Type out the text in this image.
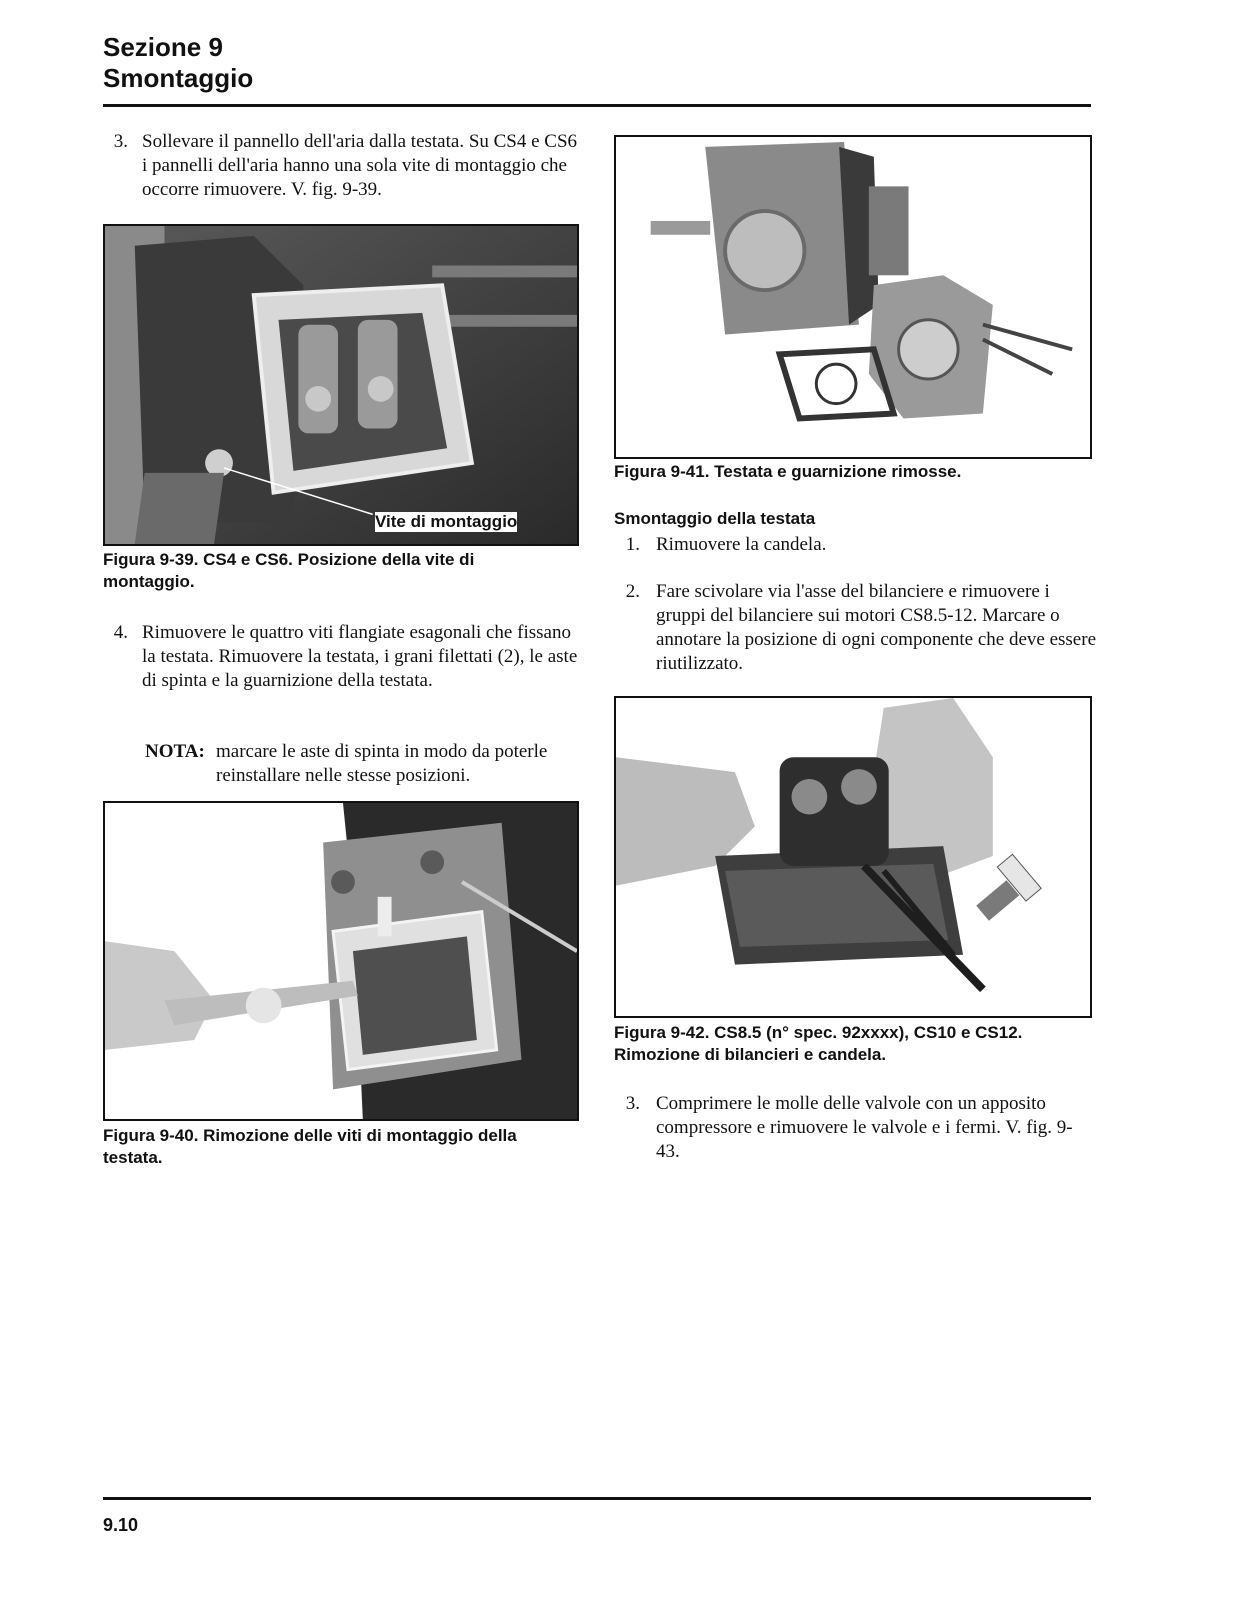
Sezione 9
Smontaggio
3. Sollevare il pannello dell'aria dalla testata. Su CS4 e CS6 i pannelli dell'aria hanno una sola vite di montaggio che occorre rimuovere. V. fig. 9-39.
Vite di montaggio
Figura 9-39. CS4 e CS6. Posizione della vite di montaggio.
4. Rimuovere le quattro viti flangiate esagonali che fissano la testata. Rimuovere la testata, i grani filettati (2), le aste di spinta e la guarnizione della testata.
NOTA: marcare le aste di spinta in modo da poterle reinstallare nelle stesse posizioni.
Figura 9-40. Rimozione delle viti di montaggio della testata.
Figura 9-41. Testata e guarnizione rimosse.
Smontaggio della testata
1. Rimuovere la candela.
2. Fare scivolare via l'asse del bilanciere e rimuovere i gruppi del bilanciere sui motori CS8.5-12. Marcare o annotare la posizione di ogni componente che deve essere riutilizzato.
Figura 9-42. CS8.5 (n° spec. 92xxxx), CS10 e CS12. Rimozione di bilancieri e candela.
3. Comprimere le molle delle valvole con un apposito compressore e rimuovere le valvole e i fermi. V. fig. 9-43.
9.10
